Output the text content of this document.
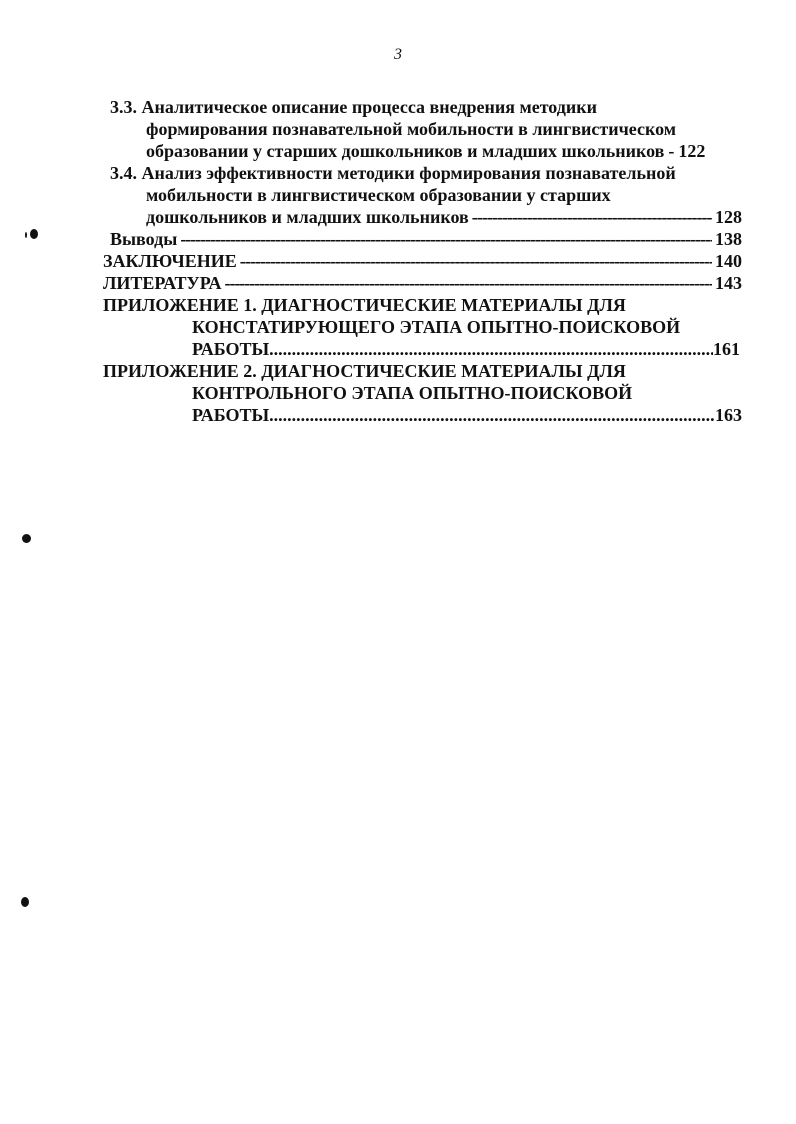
3
3.3. Аналитическое описание процесса внедрения методики
формирования познавательной мобильности в лингвистическом
образовании у старших дошкольников и младших школьников - 122
3.4. Анализ эффективности методики формирования познавательной
мобильности в лингвистическом образовании у старших
дошкольников и младших школьников -----	128
Выводы -----	138
ЗАКЛЮЧЕНИЕ -----	140
ЛИТЕРАТУРА -----	143
ПРИЛОЖЕНИЕ 1. ДИАГНОСТИЧЕСКИЕ МАТЕРИАЛЫ ДЛЯ
КОНСТАТИРУЮЩЕГО ЭТАПА ОПЫТНО-ПОИСКОВОЙ
РАБОТЫ .....	161
ПРИЛОЖЕНИЕ 2. ДИАГНОСТИЧЕСКИЕ МАТЕРИАЛЫ ДЛЯ
КОНТРОЛЬНОГО ЭТАПА ОПЫТНО-ПОИСКОВОЙ
РАБОТЫ .....	163
